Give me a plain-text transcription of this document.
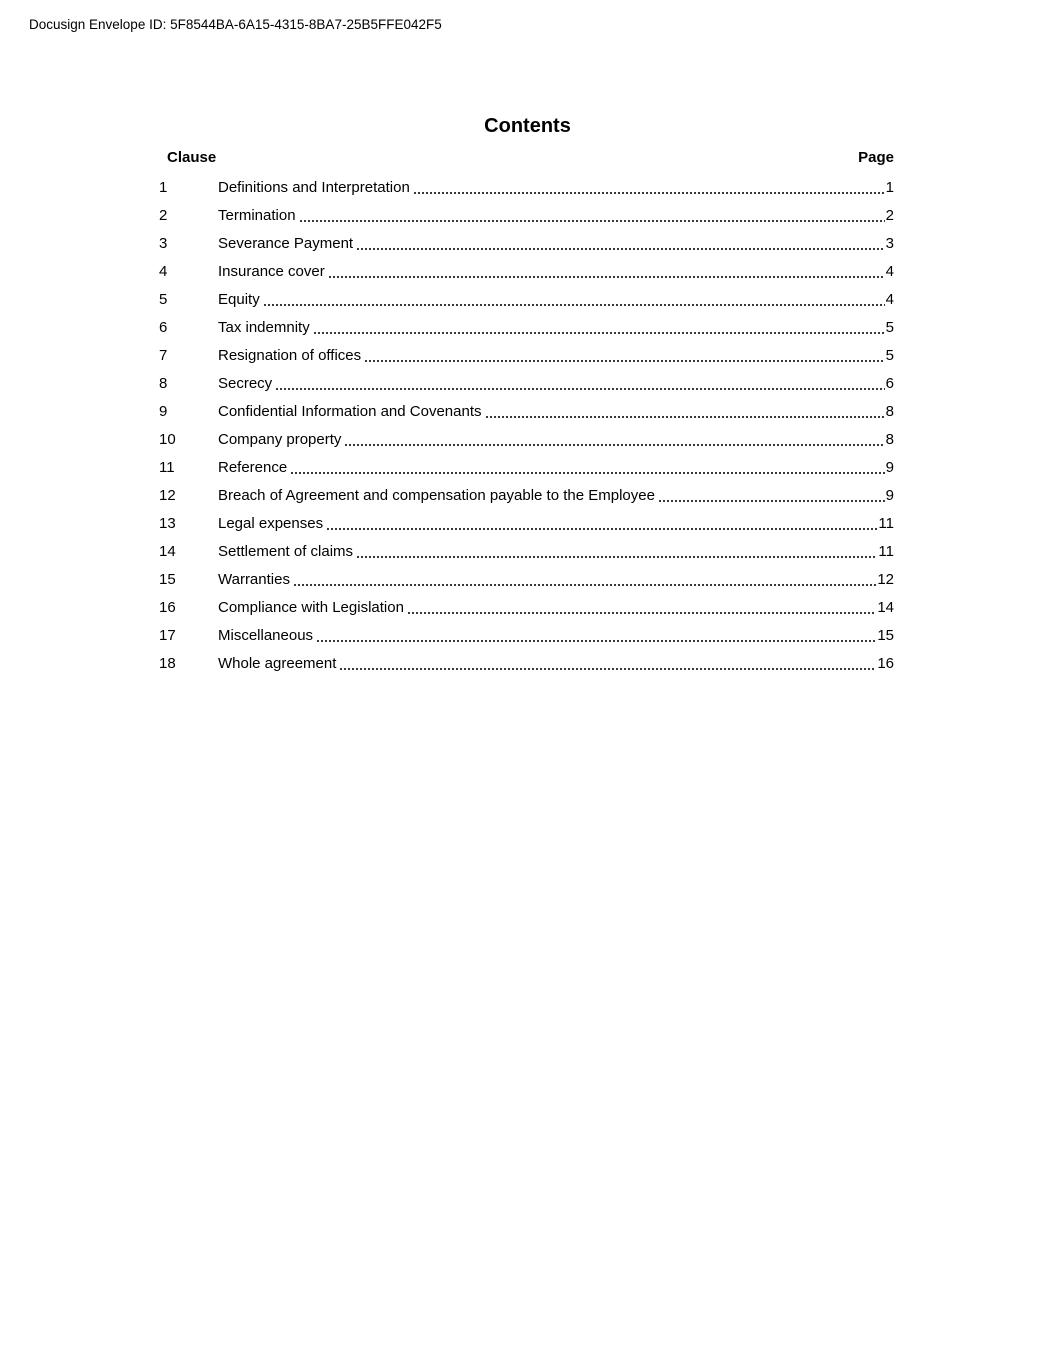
Docusign Envelope ID: 5F8544BA-6A15-4315-8BA7-25B5FFE042F5
Contents
Clause	Page
1	Definitions and Interpretation	1
2	Termination	2
3	Severance Payment	3
4	Insurance cover	4
5	Equity	4
6	Tax indemnity	5
7	Resignation of offices	5
8	Secrecy	6
9	Confidential Information and Covenants	8
10	Company property	8
11	Reference	9
12	Breach of Agreement and compensation payable to the Employee	9
13	Legal expenses	11
14	Settlement of claims	11
15	Warranties	12
16	Compliance with Legislation	14
17	Miscellaneous	15
18	Whole agreement	16
